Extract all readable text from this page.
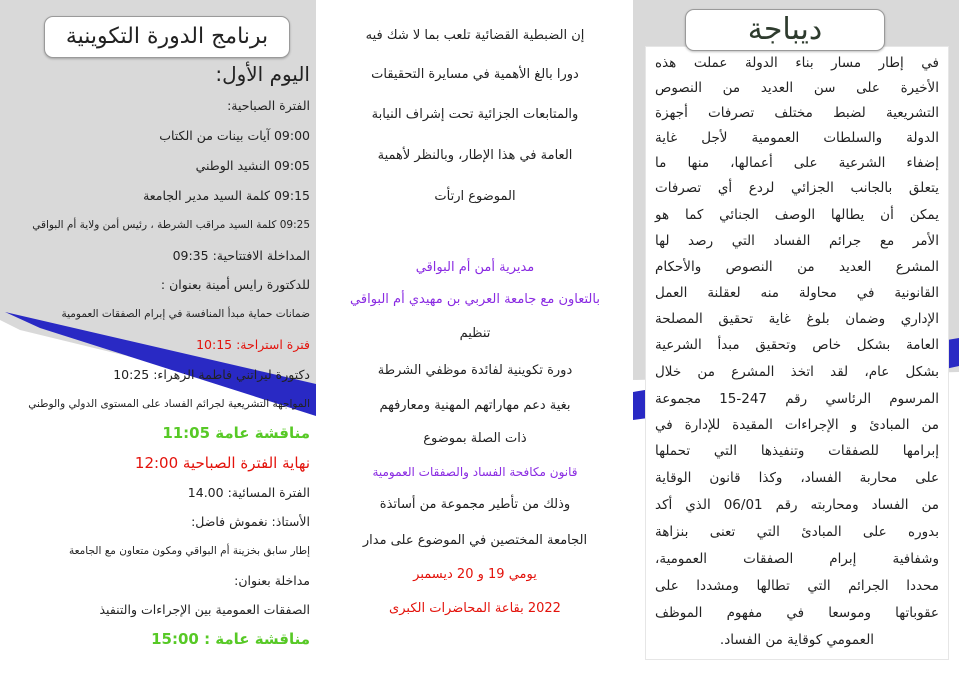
برنامج الدورة التكوينية
اليوم الأول:
الفترة الصباحية:
09:00 آيات بينات من الكتاب
09:05 النشيد الوطني
09:15 كلمة السيد مدير الجامعة
09:25 كلمة السيد مراقب الشرطة ، رئيس أمن ولاية أم البواقي
المداخلة الافتتاحية: 09:35
للدكتورة رايس أمينة بعنوان :
ضمانات حماية مبدأ المنافسة في إبرام الصفقات العمومية
فترة استراحة: 10:15
دكتورة ليراتني فاطمة الزهراء: 10:25
المواجهة التشريعية لجرائم الفساد على المستوى الدولي والوطني
مناقشة عامة 11:05
نهاية الفترة الصباحية 12:00
الفترة المسائية: 14.00
الأستاذ: نغموش فاضل:
إطار سابق بخزينة أم البواقي ومكون متعاون مع الجامعة
مداخلة بعنوان:
الصفقات العمومية بين الإجراءات والتنفيذ
مناقشة عامة : 15:00
إن الضبطية القضائية تلعب بما لا شك فيه
دورا بالغ الأهمية في مسايرة التحقيقات
والمتابعات الجزائية تحت إشراف النيابة
العامة في هذا الإطار، وبالنظر لأهمية
الموضوع ارتأت
مديرية أمن أم البواقي
بالتعاون مع جامعة العربي بن مهيدي أم البواقي
تنظيم
دورة تكوينية لفائدة موظفي الشرطة
بغية دعم مهاراتهم المهنية ومعارفهم
ذات الصلة بموضوع
قانون مكافحة الفساد والصفقات العمومية
وذلك من تأطير مجموعة من أساتذة
الجامعة المختصين في الموضوع على مدار
يومي 19 و 20 ديسمبر
2022 بقاعة المحاضرات الكبرى
ديباجة
في إطار مسار بناء الدولة عملت هذه
الأخيرة على سن العديد من النصوص
التشريعية لضبط مختلف تصرفات أجهزة
الدولة والسلطات العمومية لأجل غاية
إضفاء الشرعية على أعمالها، منها ما
يتعلق بالجانب الجزائي لردع أي تصرفات
يمكن أن يطالها الوصف الجنائي كما هو
الأمر مع جرائم الفساد التي رصد لها
المشرع العديد من النصوص والأحكام
القانونية في محاولة منه لعقلنة العمل
الإداري وضمان بلوغ غاية تحقيق المصلحة
العامة بشكل خاص وتحقيق مبدأ الشرعية
بشكل عام، لقد اتخذ المشرع من خلال
المرسوم الرئاسي رقم 247-15 مجموعة
من المبادئ و الإجراءات المقيدة للإدارة في
إبرامها للصفقات وتنفيذها التي تحملها
على محاربة الفساد، وكذا قانون الوقاية
من الفساد ومحاربته رقم 06/01 الذي أكد
بدوره على المبادئ التي تعنى بنزاهة
وشفافية إبرام الصفقات العمومية،
محددا الجرائم التي تطالها ومشددا على
عقوباتها وموسعا في مفهوم الموظف
العمومي كوقاية من الفساد.
